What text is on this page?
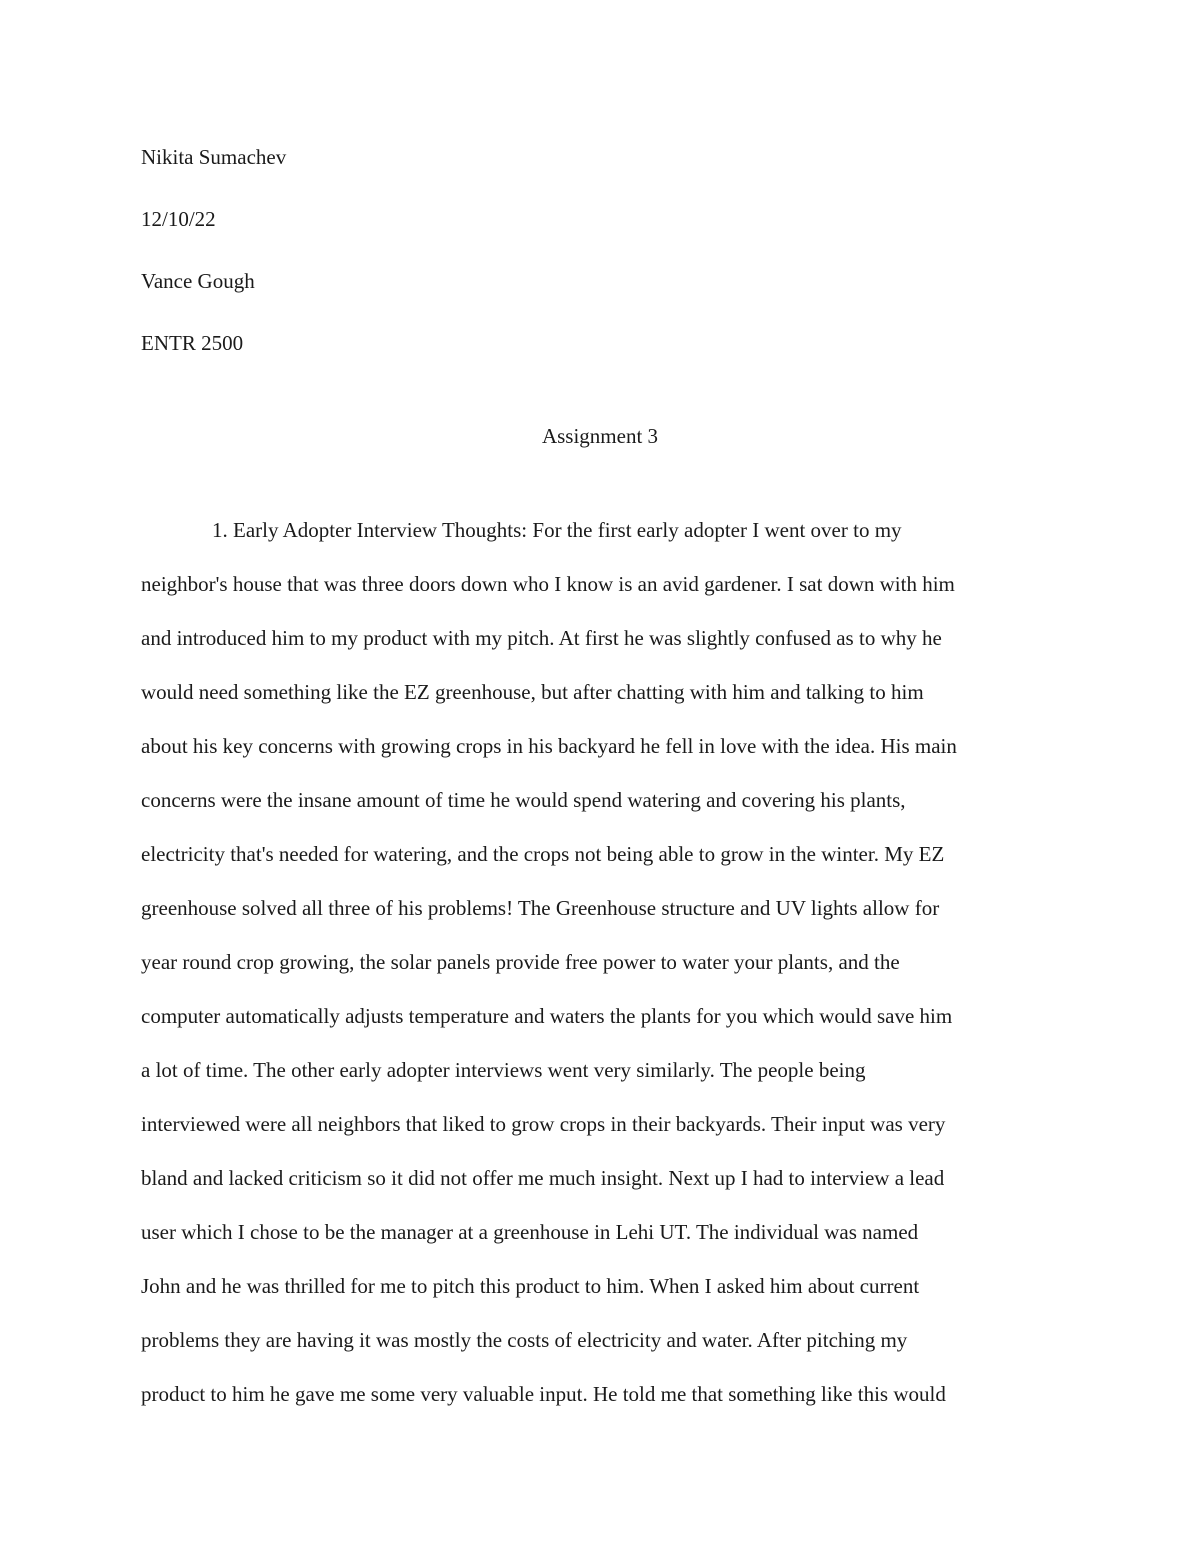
Nikita Sumachev
12/10/22
Vance Gough
ENTR 2500
Assignment 3
1. Early Adopter Interview Thoughts: For the first early adopter I went over to my
neighbor's house that was three doors down who I know is an avid gardener. I sat down with him
and introduced him to my product with my pitch. At first he was slightly confused as to why he
would need something like the EZ greenhouse, but after chatting with him and talking to him
about his key concerns with growing crops in his backyard he fell in love with the idea. His main
concerns were the insane amount of time he would spend watering and covering his plants,
electricity that's needed for watering, and the crops not being able to grow in the winter. My EZ
greenhouse solved all three of his problems! The Greenhouse structure and UV lights allow for
year round crop growing, the solar panels provide free power to water your plants, and the
computer automatically adjusts temperature and waters the plants for you which would save him
a lot of time. The other early adopter interviews went very similarly. The people being
interviewed were all neighbors that liked to grow crops in their backyards. Their input was very
bland and lacked criticism so it did not offer me much insight. Next up I had to interview a lead
user which I chose to be the manager at a greenhouse in Lehi UT. The individual was named
John and he was thrilled for me to pitch this product to him. When I asked him about current
problems they are having it was mostly the costs of electricity and water. After pitching my
product to him he gave me some very valuable input. He told me that something like this would
